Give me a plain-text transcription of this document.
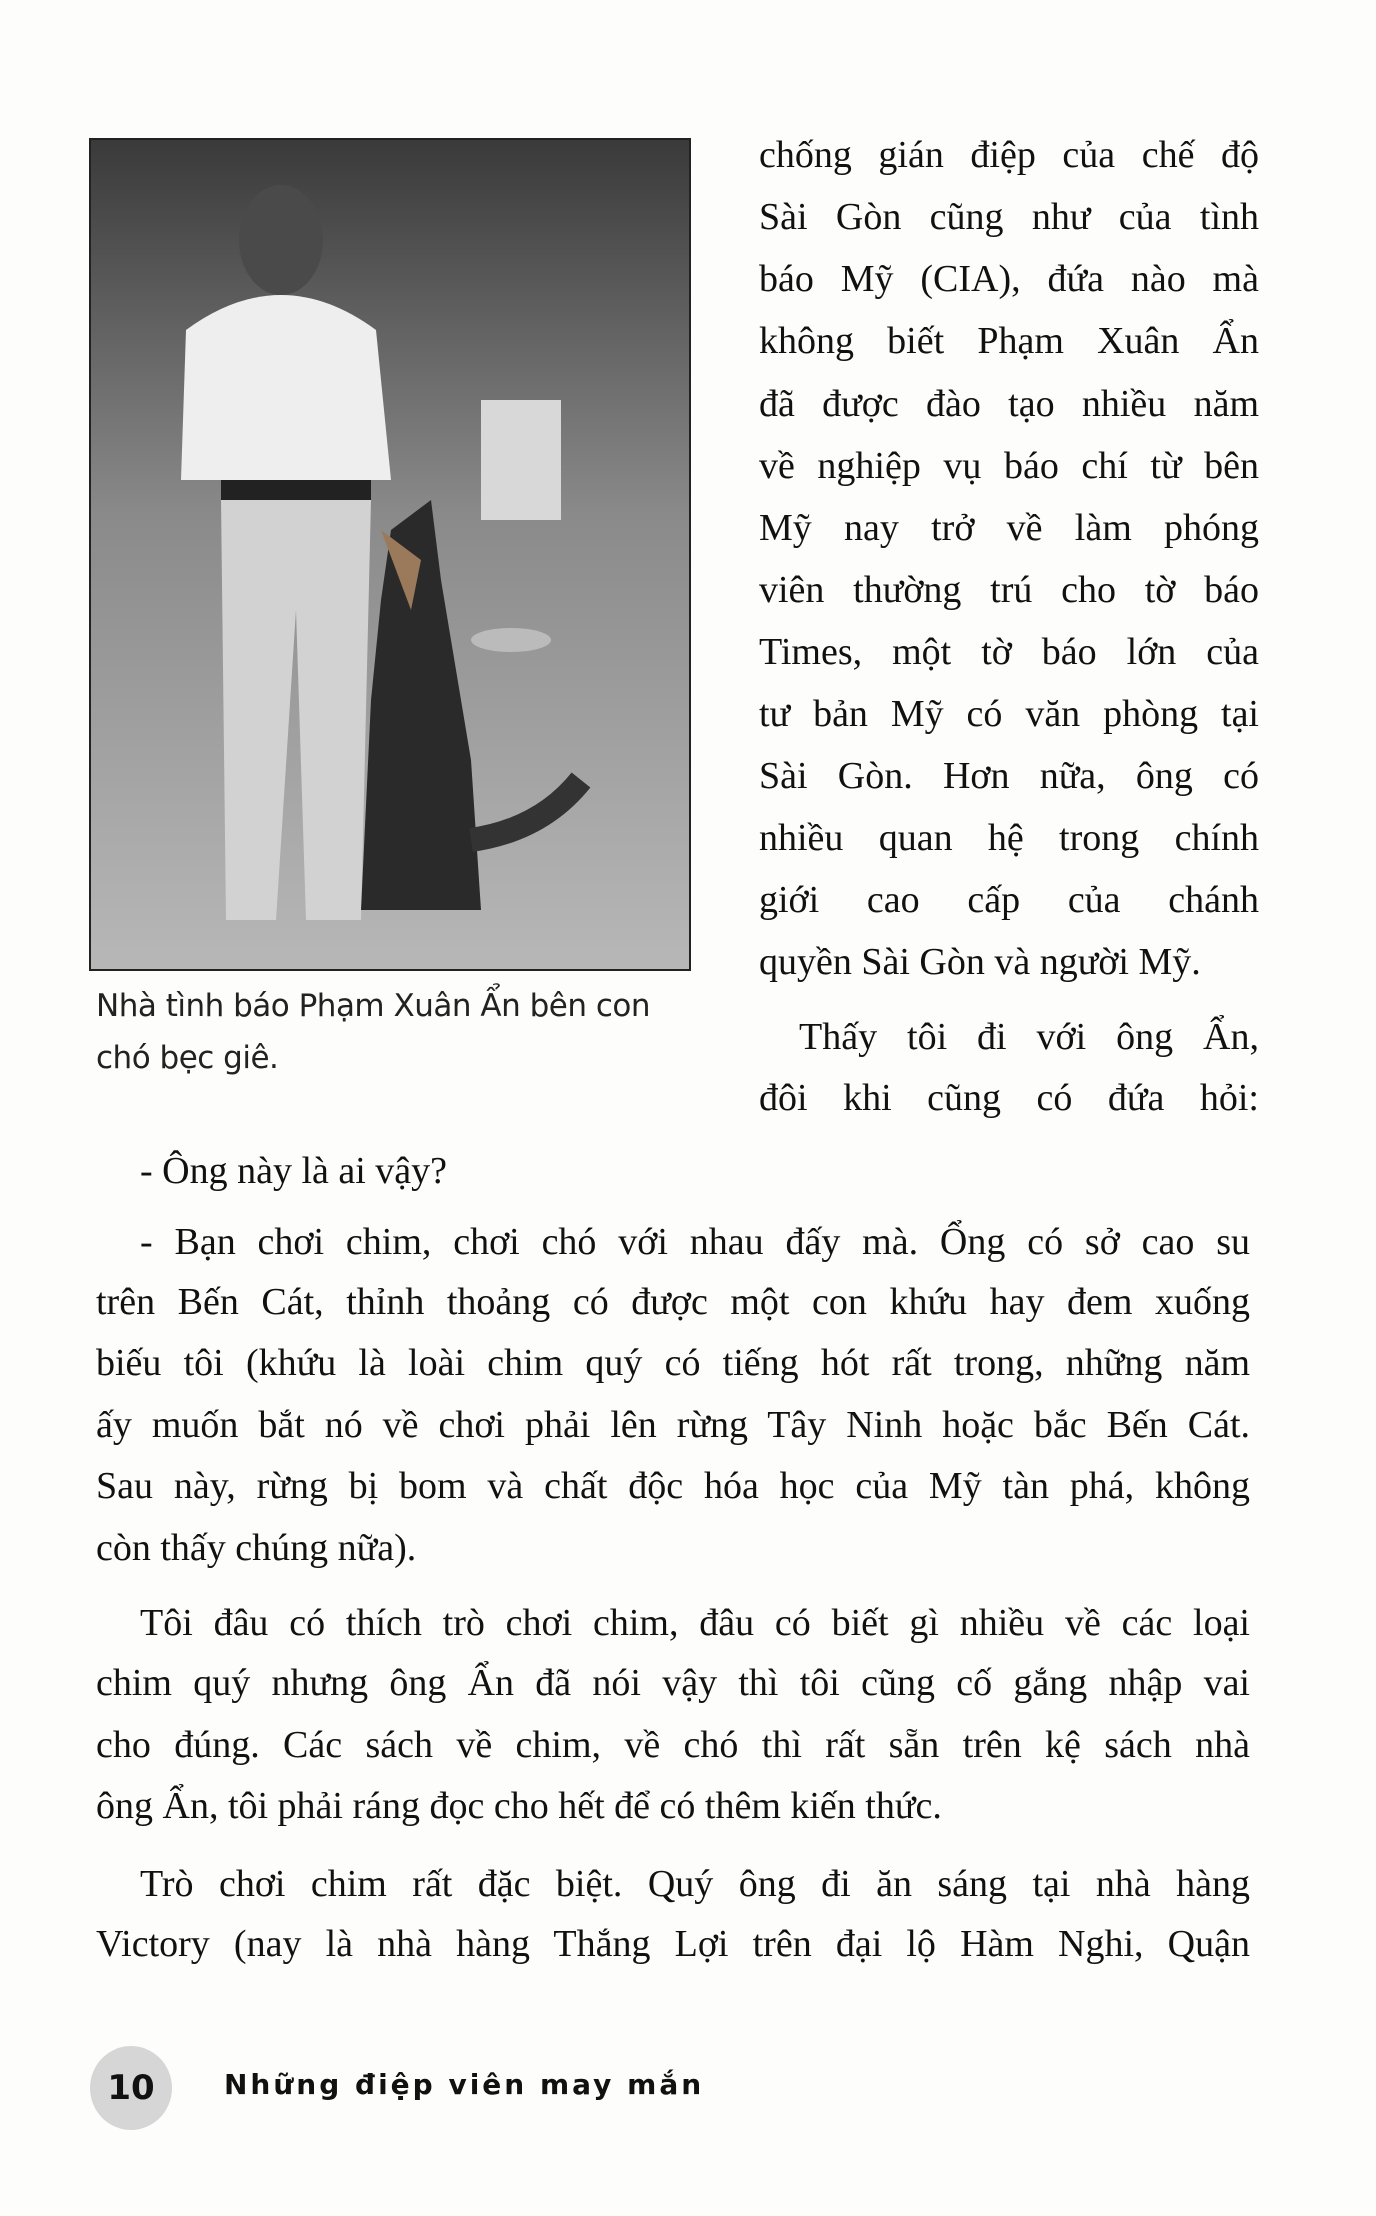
Nhà tình báo Phạm Xuân Ẩn bên con
chó bẹc giê.
chống gián điệp của chế độ
Sài Gòn cũng như của tình
báo Mỹ (CIA), đứa nào mà
không biết Phạm Xuân Ẩn
đã được đào tạo nhiều năm
về nghiệp vụ báo chí từ bên
Mỹ nay trở về làm phóng
viên thường trú cho tờ báo
Times, một tờ báo lớn của
tư bản Mỹ có văn phòng tại
Sài Gòn. Hơn nữa, ông có
nhiều quan hệ trong chính
giới cao cấp của chánh
quyền Sài Gòn và người Mỹ.
Thấy tôi đi với ông Ẩn,
đôi khi cũng có đứa hỏi:
- Ông này là ai vậy?
- Bạn chơi chim, chơi chó với nhau đấy mà. Ổng có sở cao su
trên Bến Cát, thỉnh thoảng có được một con khứu hay đem xuống
biếu tôi (khứu là loài chim quý có tiếng hót rất trong, những năm
ấy muốn bắt nó về chơi phải lên rừng Tây Ninh hoặc bắc Bến Cát.
Sau này, rừng bị bom và chất độc hóa học của Mỹ tàn phá, không
còn thấy chúng nữa).
Tôi đâu có thích trò chơi chim, đâu có biết gì nhiều về các loại
chim quý nhưng ông Ẩn đã nói vậy thì tôi cũng cố gắng nhập vai
cho đúng. Các sách về chim, về chó thì rất sẵn trên kệ sách nhà
ông Ẩn, tôi phải ráng đọc cho hết để có thêm kiến thức.
Trò chơi chim rất đặc biệt. Quý ông đi ăn sáng tại nhà hàng
Victory (nay là nhà hàng Thắng Lợi trên đại lộ Hàm Nghi, Quận
10	Những điệp viên may mắn
